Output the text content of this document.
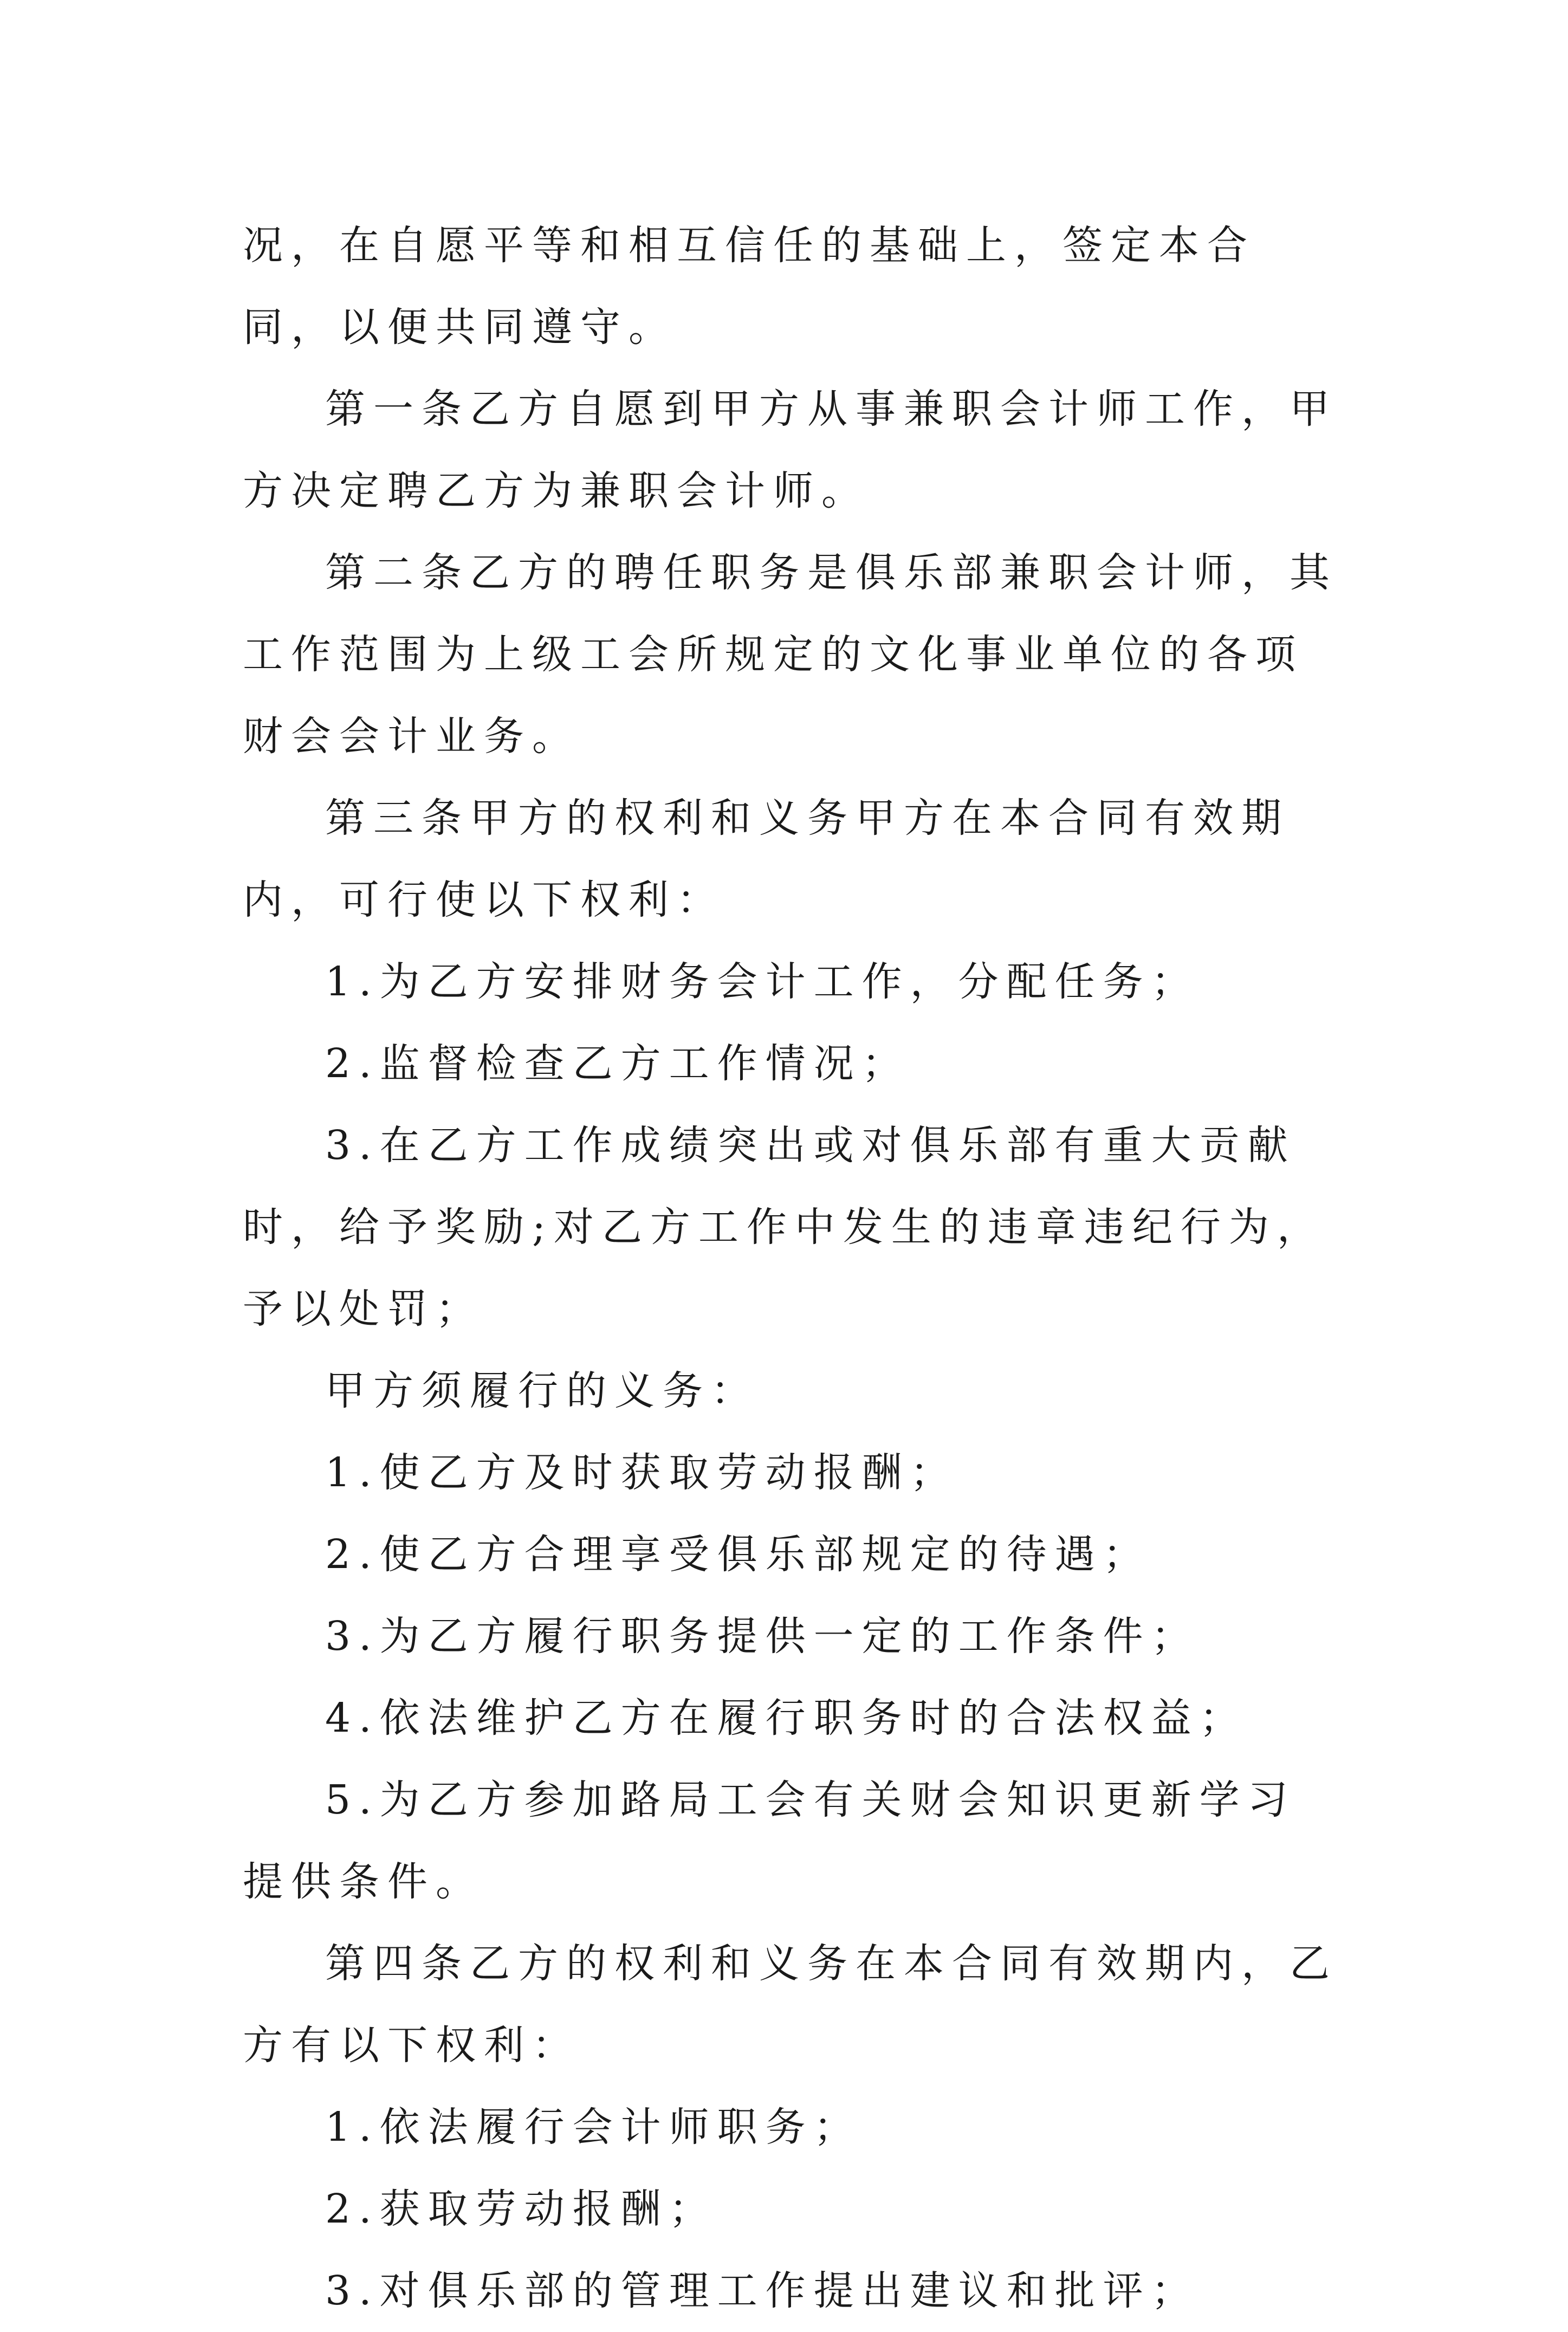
况，在自愿平等和相互信任的基础上，签定本合同，以便共同遵守。

第一条乙方自愿到甲方从事兼职会计师工作，甲方决定聘乙方为兼职会计师。

第二条乙方的聘任职务是俱乐部兼职会计师，其工作范围为上级工会所规定的文化事业单位的各项财会会计业务。

第三条甲方的权利和义务甲方在本合同有效期内，可行使以下权利：

1.为乙方安排财务会计工作，分配任务；

2.监督检查乙方工作情况；

3.在乙方工作成绩突出或对俱乐部有重大贡献时，给予奖励;对乙方工作中发生的违章违纪行为，予以处罚；

甲方须履行的义务：

1.使乙方及时获取劳动报酬；

2.使乙方合理享受俱乐部规定的待遇；

3.为乙方履行职务提供一定的工作条件；

4.依法维护乙方在履行职务时的合法权益；

5.为乙方参加路局工会有关财会知识更新学习提供条件。

第四条乙方的权利和义务在本合同有效期内，乙方有以下权利：

1.依法履行会计师职务；

2.获取劳动报酬；

3.对俱乐部的管理工作提出建议和批评；
